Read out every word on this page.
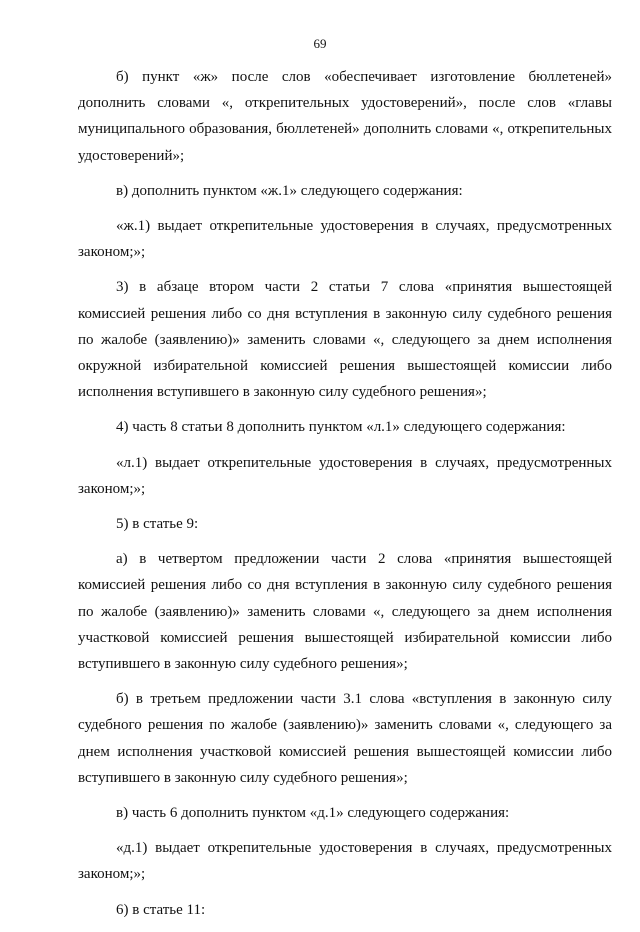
69

б) пункт «ж» после слов «обеспечивает изготовление бюллетеней» дополнить словами «, открепительных удостоверений», после слов «главы муниципального образования, бюллетеней» дополнить словами «, открепительных удостоверений»;

в) дополнить пунктом «ж.1» следующего содержания:

«ж.1) выдает открепительные удостоверения в случаях, предусмотренных законом;»;

3) в абзаце втором части 2 статьи 7 слова «принятия вышестоящей комиссией решения либо со дня вступления в законную силу судебного решения по жалобе (заявлению)» заменить словами «, следующего за днем исполнения окружной избирательной комиссией решения вышестоящей комиссии либо исполнения вступившего в законную силу судебного решения»;

4) часть 8 статьи 8 дополнить пунктом «л.1» следующего содержания:

«л.1) выдает открепительные удостоверения в случаях, предусмотренных законом;»;

5) в статье 9:

а) в четвертом предложении части 2 слова «принятия вышестоящей комиссией решения либо со дня вступления в законную силу судебного решения по жалобе (заявлению)» заменить словами «, следующего за днем исполнения участковой комиссией решения вышестоящей избирательной комиссии либо вступившего в законную силу судебного решения»;

б) в третьем предложении части 3.1 слова «вступления в законную силу судебного решения по жалобе (заявлению)» заменить словами «, следующего за днем исполнения участковой комиссией решения вышестоящей комиссии либо вступившего в законную силу судебного решения»;

в) часть 6 дополнить пунктом «д.1» следующего содержания:

«д.1) выдает открепительные удостоверения в случаях, предусмотренных законом;»;

6) в статье 11:
